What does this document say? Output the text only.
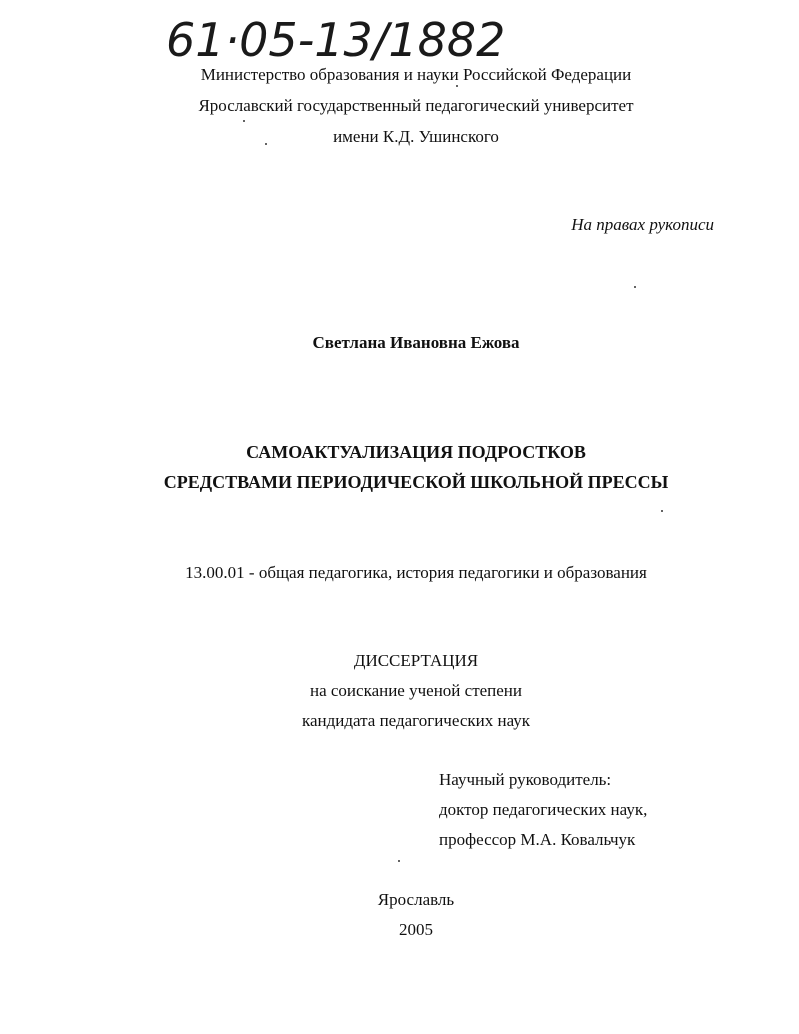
61·05-13/1882
Министерство образования и науки Российской Федерации
Ярославский государственный педагогический университет
имени К.Д. Ушинского
На правах рукописи
Светлана Ивановна Ежова
САМОАКТУАЛИЗАЦИЯ ПОДРОСТКОВ
СРЕДСТВАМИ ПЕРИОДИЧЕСКОЙ ШКОЛЬНОЙ ПРЕССЫ
13.00.01 - общая педагогика, история педагогики и образования
ДИССЕРТАЦИЯ
на соискание ученой степени
кандидата педагогических наук
Научный руководитель:
доктор педагогических наук,
профессор М.А. Ковальчук
Ярославль
2005
